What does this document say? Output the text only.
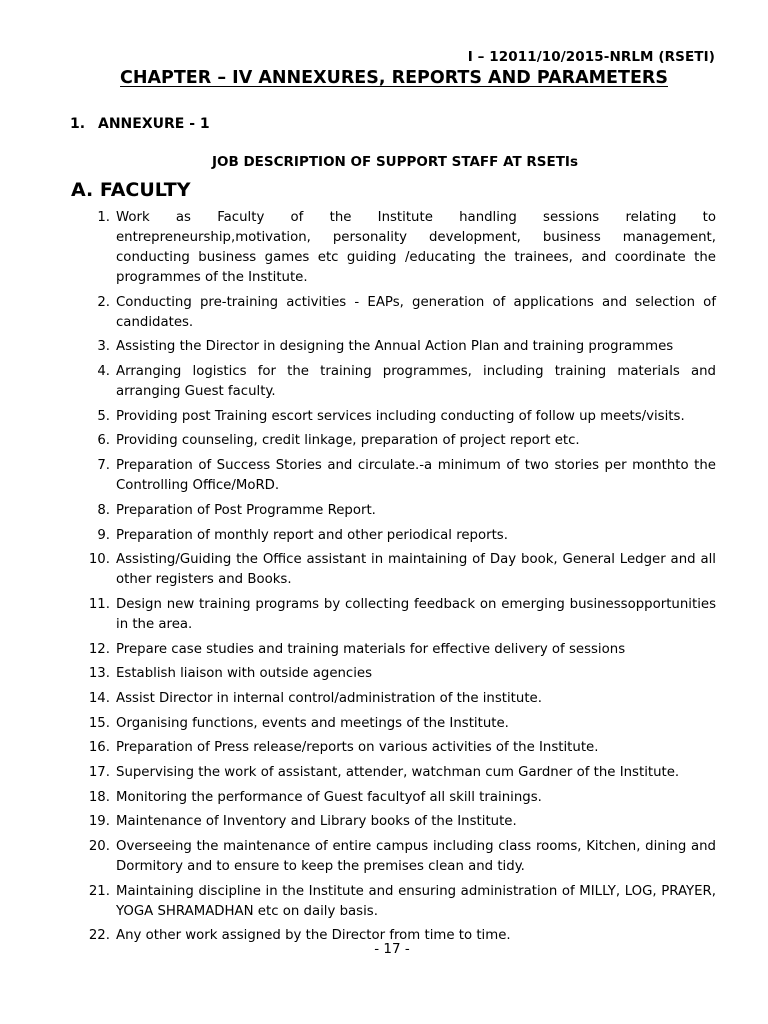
I – 12011/10/2015-NRLM (RSETI)
CHAPTER – IV ANNEXURES, REPORTS AND PARAMETERS
1. ANNEXURE - 1
JOB DESCRIPTION OF SUPPORT STAFF AT RSETIs
A. FACULTY
1. Work as Faculty of the Institute handling sessions relating to entrepreneurship,motivation, personality development, business management, conducting business games etc guiding /educating the trainees, and coordinate the programmes of the Institute.
2. Conducting pre-training activities - EAPs, generation of applications and selection of candidates.
3. Assisting the Director in designing the Annual Action Plan and training programmes
4. Arranging logistics for the training programmes, including training materials and arranging Guest faculty.
5. Providing post Training escort services including conducting of follow up meets/visits.
6. Providing counseling, credit linkage, preparation of project report etc.
7. Preparation of Success Stories and circulate.-a minimum of two stories per monthto the Controlling Office/MoRD.
8. Preparation of Post Programme Report.
9. Preparation of monthly report and other periodical reports.
10. Assisting/Guiding the Office assistant in maintaining of Day book, General Ledger and all other registers and Books.
11. Design new training programs by collecting feedback on emerging businessopportunities in the area.
12. Prepare case studies and training materials for effective delivery of sessions
13. Establish liaison with outside agencies
14. Assist Director in internal control/administration of the institute.
15. Organising functions, events and meetings of the Institute.
16. Preparation of Press release/reports on various activities of the Institute.
17. Supervising the work of assistant, attender, watchman cum Gardner of the Institute.
18. Monitoring the performance of Guest facultyof all skill trainings.
19. Maintenance of Inventory and Library books of the Institute.
20. Overseeing the maintenance of entire campus including class rooms, Kitchen, dining and Dormitory and to ensure to keep the premises clean and tidy.
21. Maintaining discipline in the Institute and ensuring administration of MILLY, LOG, PRAYER, YOGA SHRAMADHAN etc on daily basis.
22. Any other work assigned by the Director from time to time.
- 17 -
